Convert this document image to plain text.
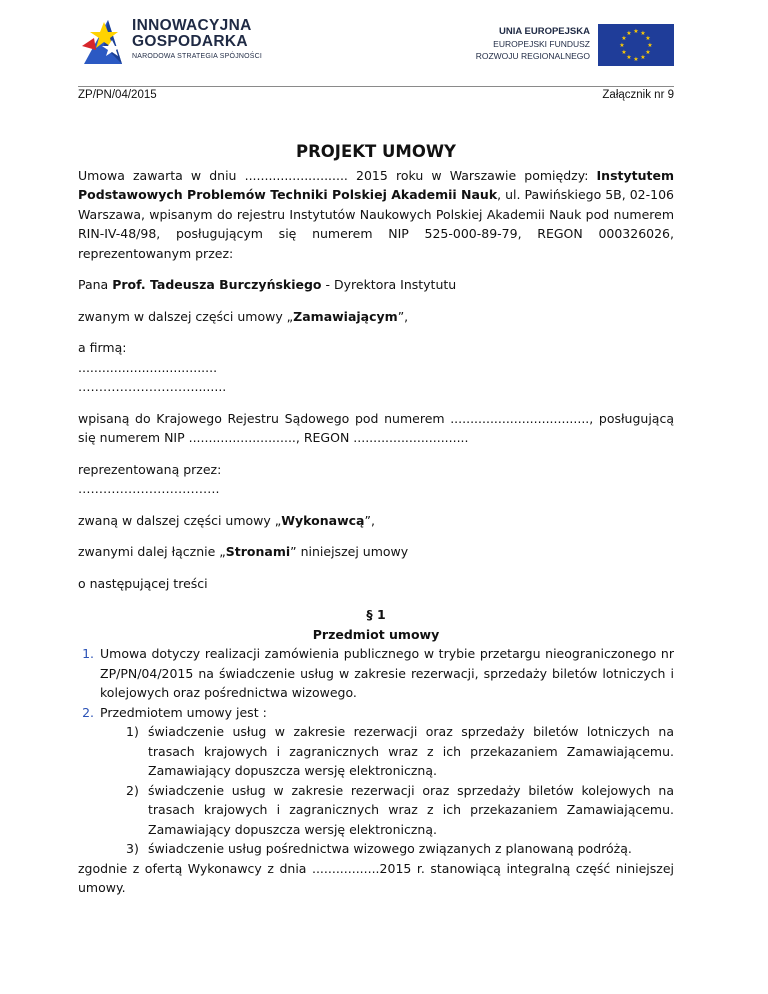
INNOWACYJNA
GOSPODARKA
NARODOWA STRATEGIA SPÓJNOŚCI
UNIA EUROPEJSKA
EUROPEJSKI FUNDUSZ
ROZWOJU REGIONALNEGO
★ ★
★
★
★
★
★
★
★
★
★
★
ZP/PN/04/2015	Załącznik nr 9
PROJEKT UMOWY

Umowa zawarta w dniu .......................... 2015 roku w Warszawie pomiędzy: Instytutem Podstawowych Problemów Techniki Polskiej Akademii Nauk, ul. Pawińskiego 5B, 02-106 Warszawa, wpisanym do rejestru Instytutów Naukowych Polskiej Akademii Nauk pod numerem RIN-IV-48/98, posługującym się numerem NIP 525-000-89-79, REGON 000326026, reprezentowanym przez:

Pana Prof. Tadeusza Burczyńskiego - Dyrektora Instytutu

zwanym w dalszej części umowy „Zamawiającym”,

a firmą:

...................................

……………………….........

wpisaną do Krajowego Rejestru Sądowego pod numerem ..................................., posługującą się numerem NIP ..........................., REGON .............................

reprezentowaną przez:

…………………………….

zwaną w dalszej części umowy „Wykonawcą”,

zwanymi dalej łącznie „Stronami” niniejszej umowy

o następującej treści

§ 1
Przedmiot umowy
1. Umowa dotyczy realizacji zamówienia publicznego w trybie przetargu nieograniczonego nr ZP/PN/04/2015 na świadczenie usług w zakresie rezerwacji, sprzedaży biletów lotniczych i kolejowych oraz pośrednictwa wizowego.
2. Przedmiotem umowy jest :
świadczenie usług w zakresie rezerwacji oraz sprzedaży biletów lotniczych na trasach krajowych i zagranicznych wraz z ich przekazaniem Zamawiającemu. Zamawiający dopuszcza wersję elektroniczną.
świadczenie usług w zakresie rezerwacji oraz sprzedaży biletów kolejowych na trasach krajowych i zagranicznych wraz z ich przekazaniem Zamawiającemu. Zamawiający dopuszcza wersję elektroniczną.
świadczenie usług pośrednictwa wizowego związanych z planowaną podróżą.

zgodnie z ofertą Wykonawcy z dnia .................2015 r. stanowiącą integralną część niniejszej umowy.
